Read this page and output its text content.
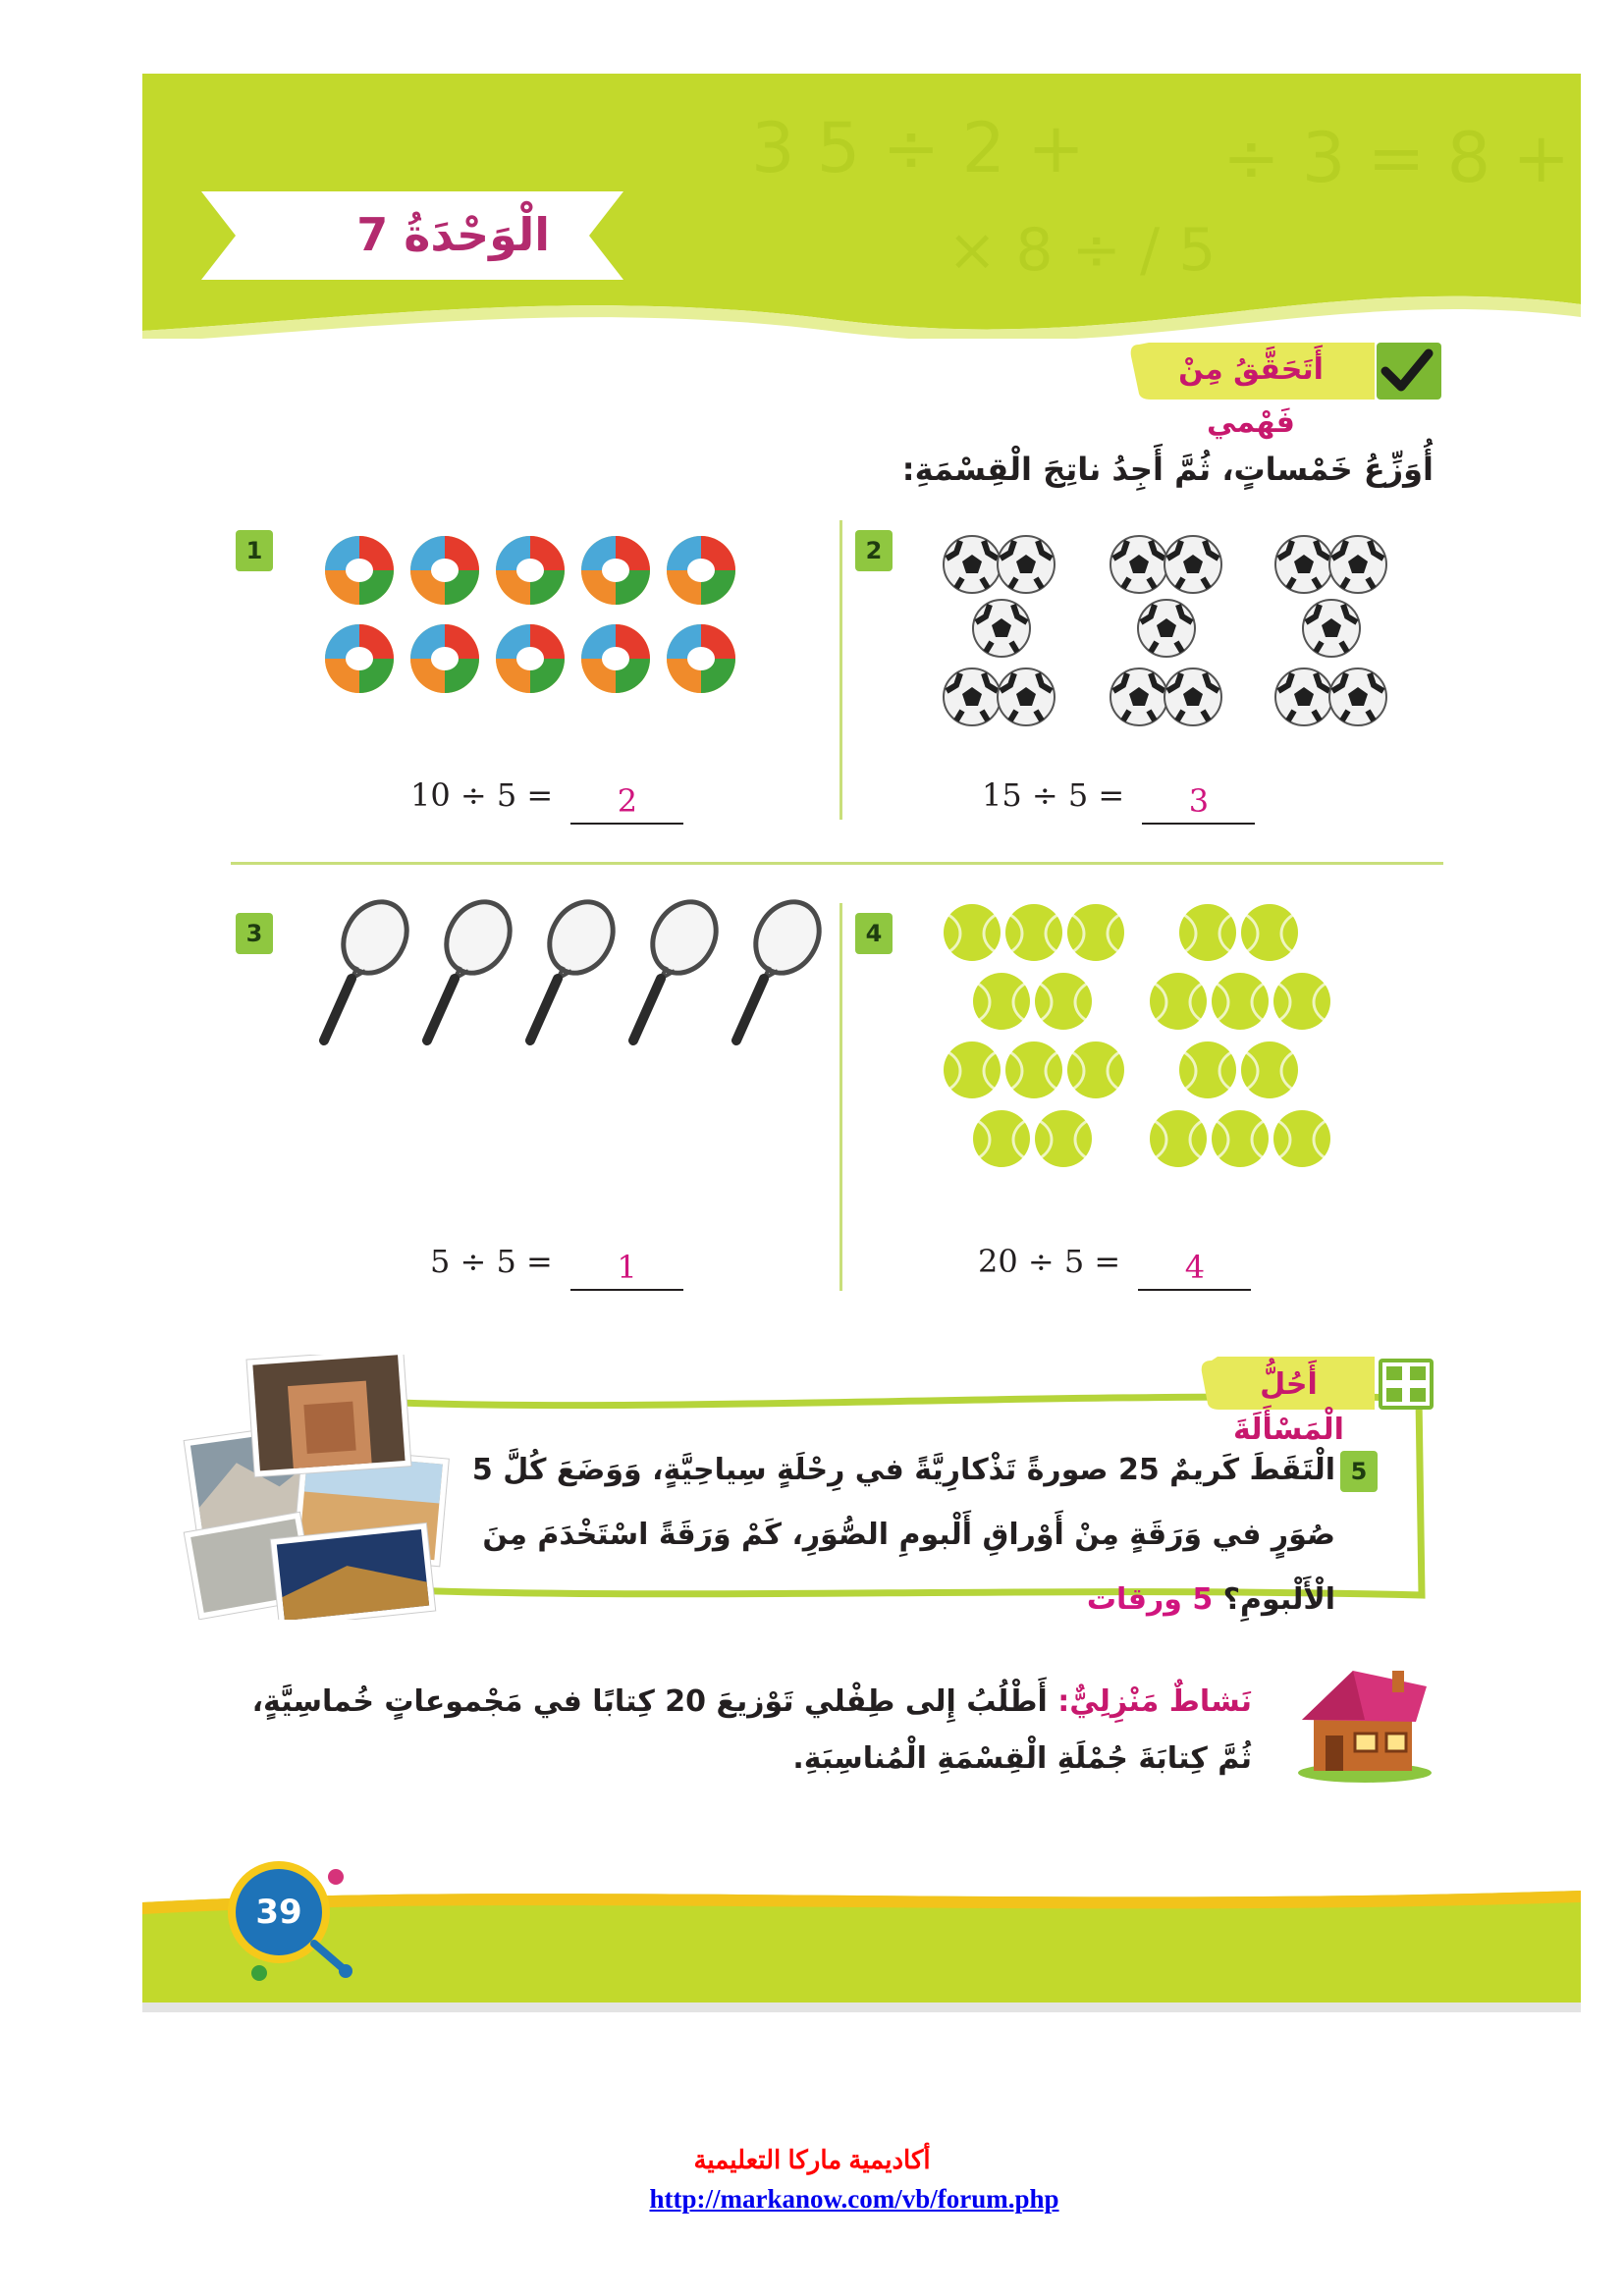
3 5 ÷ 2 + ÷ 3 = 8 +
× 8 ÷ / 5
الْوَحْدَةُ 7
أَتَحَقَّقُ مِنْ فَهْمي
أُوَزِّعُ خَمْساتٍ، ثُمَّ أَجِدُ ناتِجَ الْقِسْمَةِ:
1
10 ÷ 5 = 2
2
15 ÷ 5 = 3
3
5 ÷ 5 = 1
4
20 ÷ 5 = 4
أَحُلُّ الْمَسْأَلَةَ
5
الْتَقَطَ كَريمٌ 25 صورةً تَذْكارِيَّةً في رِحْلَةٍ سِياحِيَّةٍ، وَوَضَعَ كُلَّ 5 صُوَرٍ في وَرَقَةٍ مِنْ أَوْراقِ أَلْبومِ الصُّوَرِ، كَمْ وَرَقَةً اسْتَخْدَمَ مِنَ الْأَلْبومِ؟ 5 ورقات
نَشاطٌ مَنْزِلِيٌّ: أَطْلُبُ إِلى طِفْلي تَوْزيعَ 20 كِتابًا في مَجْموعاتٍ خُماسِيَّةٍ، ثُمَّ كِتابَةَ جُمْلَةِ الْقِسْمَةِ الْمُناسِبَةِ.
39
أكاديمية ماركا التعليمية
http://markanow.com/vb/forum.php
